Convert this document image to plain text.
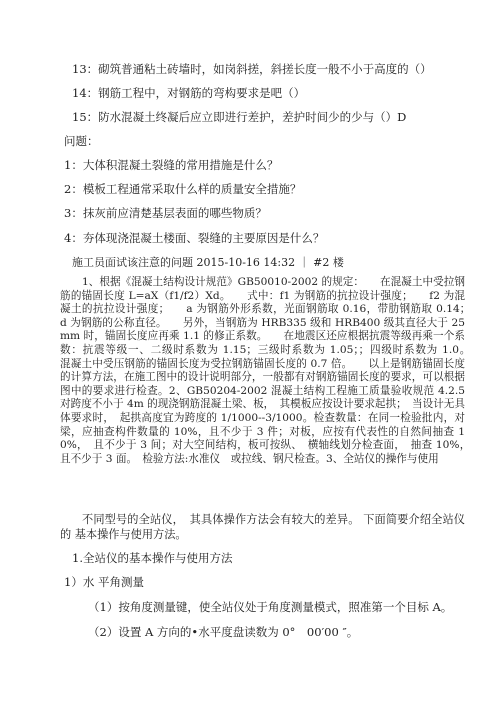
13：砌筑普通粘土砖墙时，如岗斜搓，斜搓长度一般不小于高度的（）
14：钢筋工程中，对钢筋的弯构要求是吧（）
15：防水混凝土终凝后应立即进行差护，差护时间少的少与（）D
问题：
1：大体积混凝土裂缝的常用措施是什么？
2：模板工程通常采取什么样的质量安全措施？
3：抹灰前应清楚基层表面的哪些物质？
4：夯体现浇混凝土楼面、裂缝的主要原因是什么？
施工员面试该注意的问题 2015-10-16 14:32 ｜ #2 楼
1、根据《混凝土结构设计规范》GB50010-2002 的规定：　　在混凝土中受拉钢筋的锚固长度 L=aX（f1/f2）Xd。　　式中：f1 为钢筋的抗拉设计强度；　　f2 为混凝土的抗拉设计强度；　　a 为钢筋外形系数，光面钢筋取 0.16，带肋钢筋取 0.14；　　d 为钢筋的公称直径。　　另外，当钢筋为 HRB335 级和 HRB400 级其直径大于 25mm 时，锚固长度应再乘 1.1 的修正系数。　　在地震区还应根据抗震等级再乘一个系数：抗震等级一、二级时系数为 1.15；三级时系数为 1.05；；四级时系数为 1.0。　　混凝土中受压钢筋的锚固长度为受拉钢筋锚固长度的 0.7 倍。　　以上是钢筋锚固长度的计算方法，在施工图中的设计说明部分，一般都有对钢筋锚固长度的要求，可以根据图中的要求进行检查。2、GB50204-2002 混凝土结构工程施工质量验收规范 4.2.5 对跨度不小于 4m 的现浇钢筋混凝土梁、板，　其模板应按设计要求起拱；　当设计无具体要求时，　起拱高度宜为跨度的 1/1000--3/1000。检查数量：在同一检验批内，对梁，应抽查构件数量的 10%，且不少于 3 件；对板，应按有代表性的自然间抽查 10%，　且不少于 3 间；对大空间结构，板可按纵、　横轴线划分检查面，　抽查 10%，　且不少于 3 面。　检验方法:水准仪　或拉线、钢尺检查。3、全站仪的操作与使用
不同型号的全站仪，　其具体操作方法会有较大的差异。 下面简要介绍全站仪的 基本操作与使用方法。
1.全站仪的基本操作与使用方法
1）水 平角测量
（1）按角度测量键，使全站仪处于角度测量模式，照准第一个目标 A。
（2）设置 A 方向的•水平度盘读数为 0°　00′00 ″。
